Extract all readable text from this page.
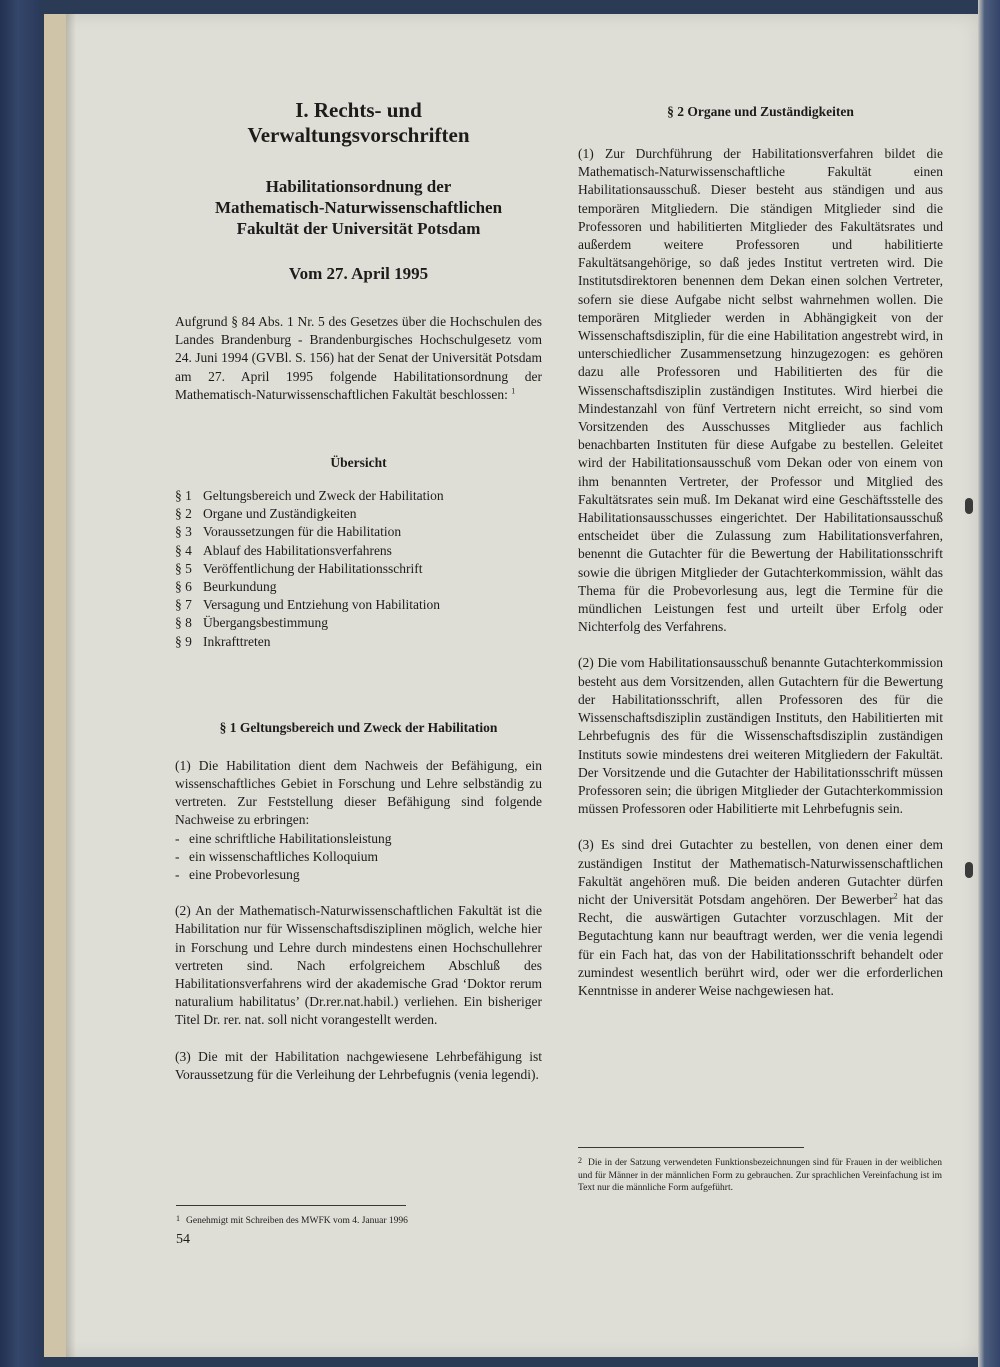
I. Rechts- und
Verwaltungsvorschriften
Habilitationsordnung der
Mathematisch-Naturwissenschaftlichen
Fakultät der Universität Potsdam
Vom 27. April 1995

Aufgrund § 84 Abs. 1 Nr. 5 des Gesetzes über die Hochschulen des Landes Brandenburg - Brandenburgisches Hochschulgesetz vom 24. Juni 1994 (GVBl. S. 156) hat der Senat der Universität Potsdam am 27. April 1995 folgende Habilitationsordnung der Mathematisch-Naturwissenschaftlichen Fakultät beschlossen: $^1$

Übersicht
§ 1 Geltungsbereich und Zweck der Habilitation
§ 2 Organe und Zuständigkeiten
§ 3 Voraussetzungen für die Habilitation
§ 4 Ablauf des Habilitationsverfahrens
§ 5 Veröffentlichung der Habilitationsschrift
§ 6 Beurkundung
§ 7 Versagung und Entziehung von Habilitation
§ 8 Übergangsbestimmung
§ 9 Inkrafttreten
§ 1 Geltungsbereich und Zweck der Habilitation

(1) Die Habilitation dient dem Nachweis der Befähigung, ein wissenschaftliches Gebiet in Forschung und Lehre selbständig zu vertreten. Zur Feststellung dieser Befähigung sind folgende Nachweise zu erbringen:

- eine schriftliche Habilitationsleistung
- ein wissenschaftliches Kolloquium
- eine Probevorlesung

(2) An der Mathematisch-Naturwissenschaftlichen Fakultät ist die Habilitation nur für Wissenschaftsdisziplinen möglich, welche hier in Forschung und Lehre durch mindestens einen Hochschullehrer vertreten sind. Nach erfolgreichem Abschluß des Habilitationsverfahrens wird der akademische Grad ‘Doktor rerum naturalium habilitatus’ (Dr.rer.nat.habil.) verliehen. Ein bisheriger Titel Dr. rer. nat. soll nicht vorangestellt werden.

(3) Die mit der Habilitation nachgewiesene Lehrbefähigung ist Voraussetzung für die Verleihung der Lehrbefugnis (venia legendi).

$^1$ Genehmigt mit Schreiben des MWFK vom 4. Januar 1996
54
§ 2 Organe und Zuständigkeiten

(1) Zur Durchführung der Habilitationsverfahren bildet die Mathematisch-Naturwissenschaftliche Fakultät einen Habilitationsausschuß. Dieser besteht aus ständigen und aus temporären Mitgliedern. Die ständigen Mitglieder sind die Professoren und habilitierten Mitglieder des Fakultätsrates und außerdem weitere Professoren und habilitierte Fakultätsangehörige, so daß jedes Institut vertreten wird. Die Institutsdirektoren benennen dem Dekan einen solchen Vertreter, sofern sie diese Aufgabe nicht selbst wahrnehmen wollen. Die temporären Mitglieder werden in Abhängigkeit von der Wissenschaftsdisziplin, für die eine Habilitation angestrebt wird, in unterschiedlicher Zusammensetzung hinzugezogen: es gehören dazu alle Professoren und Habilitierten des für die Wissenschaftsdisziplin zuständigen Institutes. Wird hierbei die Mindestanzahl von fünf Vertretern nicht erreicht, so sind vom Vorsitzenden des Ausschusses Mitglieder aus fachlich benachbarten Instituten für diese Aufgabe zu bestellen. Geleitet wird der Habilitationsausschuß vom Dekan oder von einem von ihm benannten Vertreter, der Professor und Mitglied des Fakultätsrates sein muß. Im Dekanat wird eine Geschäftsstelle des Habilitationsausschusses eingerichtet. Der Habilitationsausschuß entscheidet über die Zulassung zum Habilitationsverfahren, benennt die Gutachter für die Bewertung der Habilitationsschrift sowie die übrigen Mitglieder der Gutachterkommission, wählt das Thema für die Probevorlesung aus, legt die Termine für die mündlichen Leistungen fest und urteilt über Erfolg oder Nichterfolg des Verfahrens.

(2) Die vom Habilitationsausschuß benannte Gutachterkommission besteht aus dem Vorsitzenden, allen Gutachtern für die Bewertung der Habilitationsschrift, allen Professoren des für die Wissenschaftsdisziplin zuständigen Instituts, den Habilitierten mit Lehrbefugnis des für die Wissenschaftsdisziplin zuständigen Instituts sowie mindestens drei weiteren Mitgliedern der Fakultät. Der Vorsitzende und die Gutachter der Habilitationsschrift müssen Professoren sein; die übrigen Mitglieder der Gutachterkommission müssen Professoren oder Habilitierte mit Lehrbefugnis sein.

(3) Es sind drei Gutachter zu bestellen, von denen einer dem zuständigen Institut der Mathematisch-Naturwissenschaftlichen Fakultät angehören muß. Die beiden anderen Gutachter dürfen nicht der Universität Potsdam angehören. Der Bewerber$^2$ hat das Recht, die auswärtigen Gutachter vorzuschlagen. Mit der Begutachtung kann nur beauftragt werden, wer die venia legendi für ein Fach hat, das von der Habilitationsschrift behandelt oder zumindest wesentlich berührt wird, oder wer die erforderlichen Kenntnisse in anderer Weise nachgewiesen hat.

$^2$ Die in der Satzung verwendeten Funktionsbezeichnungen sind für Frauen in der weiblichen und für Männer in der männlichen Form zu gebrauchen. Zur sprachlichen Vereinfachung ist im Text nur die männliche Form aufgeführt.
